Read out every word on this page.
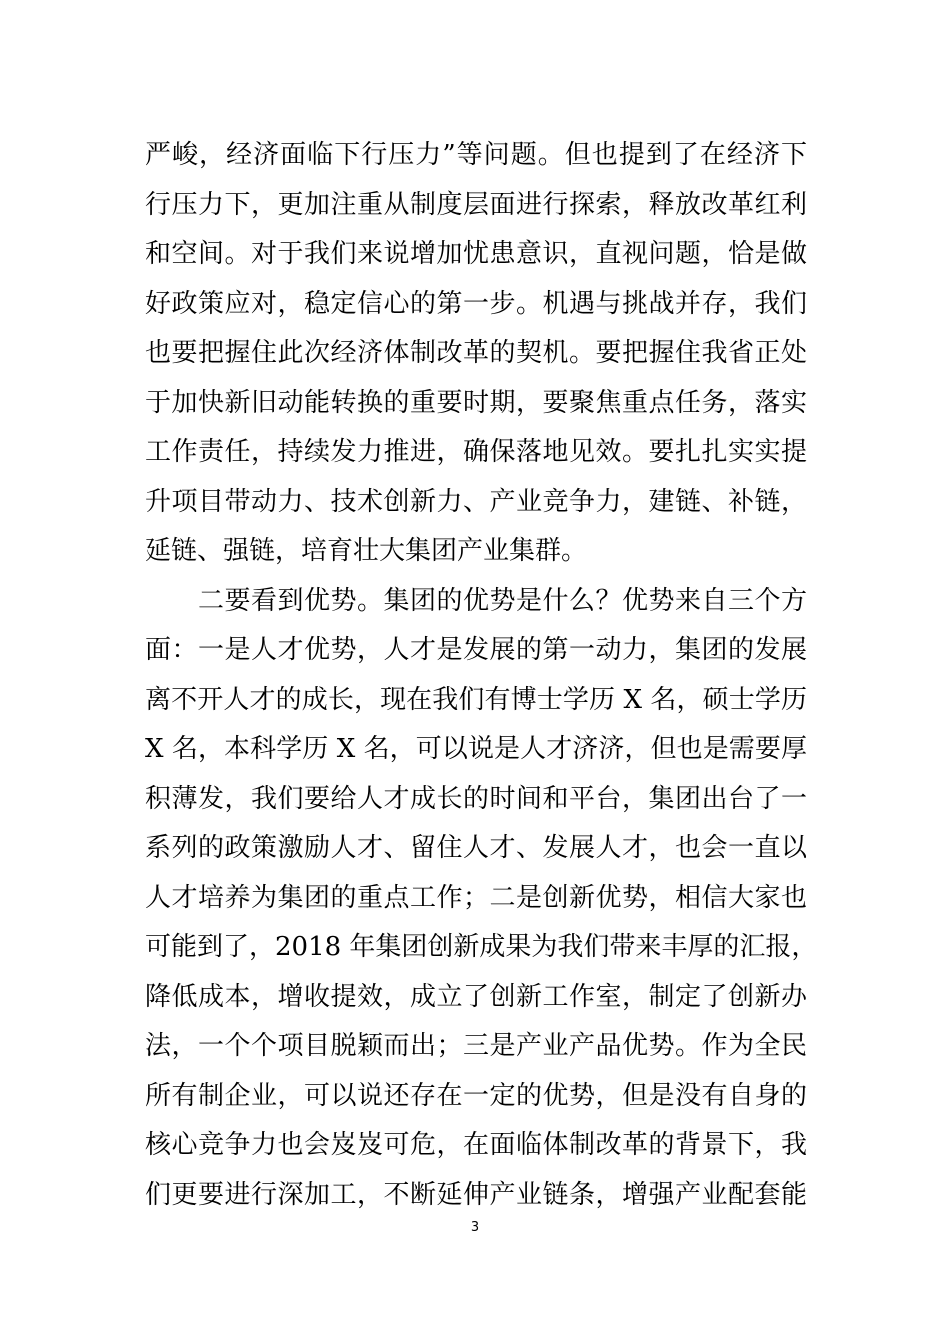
严峻，经济面临下行压力”等问题。但也提到了在经济下
行压力下，更加注重从制度层面进行探索，释放改革红利
和空间。对于我们来说增加忧患意识，直视问题，恰是做
好政策应对，稳定信心的第一步。机遇与挑战并存，我们
也要把握住此次经济体制改革的契机。要把握住我省正处
于加快新旧动能转换的重要时期，要聚焦重点任务，落实
工作责任，持续发力推进，确保落地见效。要扎扎实实提
升项目带动力、技术创新力、产业竞争力，建链、补链，
延链、强链，培育壮大集团产业集群。
二要看到优势。集团的优势是什么？优势来自三个方
面：一是人才优势，人才是发展的第一动力，集团的发展
离不开人才的成长，现在我们有博士学历 X 名，硕士学历
X 名，本科学历 X 名，可以说是人才济济，但也是需要厚
积薄发，我们要给人才成长的时间和平台，集团出台了一
系列的政策激励人才、留住人才、发展人才，也会一直以
人才培养为集团的重点工作；二是创新优势，相信大家也
可能到了，2018 年集团创新成果为我们带来丰厚的汇报，
降低成本，增收提效，成立了创新工作室，制定了创新办
法，一个个项目脱颖而出；三是产业产品优势。作为全民
所有制企业，可以说还存在一定的优势，但是没有自身的
核心竞争力也会岌岌可危，在面临体制改革的背景下，我
们更要进行深加工，不断延伸产业链条，增强产业配套能
3
